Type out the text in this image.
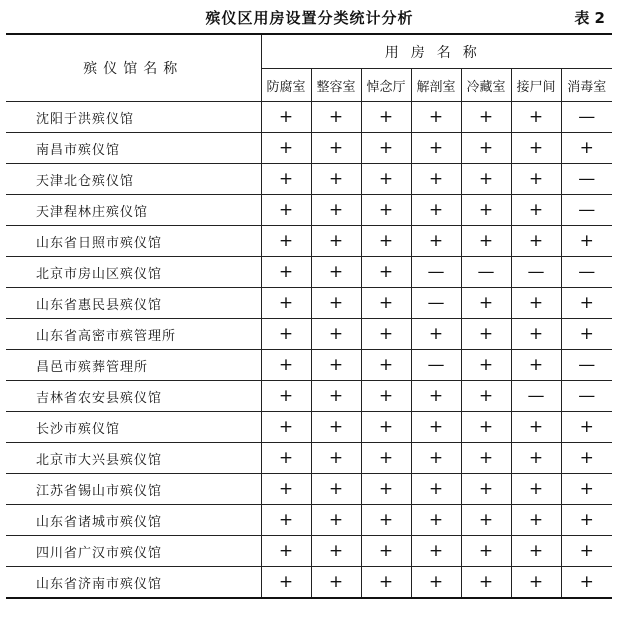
殡仪区用房设置分类统计分析	表 2
殡仪馆名称	用房名称						
	防腐室	整容室	悼念厅	解剖室	冷藏室	接尸间	消毒室
沈阳于洪殡仪馆	+	+	+	+	+	+	—
南昌市殡仪馆	+	+	+	+	+	+	+
天津北仓殡仪馆	+	+	+	+	+	+	—
天津程林庄殡仪馆	+	+	+	+	+	+	—
山东省日照市殡仪馆	+	+	+	+	+	+	+
北京市房山区殡仪馆	+	+	+	—	—	—	—
山东省惠民县殡仪馆	+	+	+	—	+	+	+
山东省高密市殡管理所	+	+	+	+	+	+	+
昌邑市殡葬管理所	+	+	+	—	+	+	—
吉林省农安县殡仪馆	+	+	+	+	+	—	—
长沙市殡仪馆	+	+	+	+	+	+	+
北京市大兴县殡仪馆	+	+	+	+	+	+	+
江苏省锡山市殡仪馆	+	+	+	+	+	+	+
山东省诸城市殡仪馆	+	+	+	+	+	+	+
四川省广汉市殡仪馆	+	+	+	+	+	+	+
山东省济南市殡仪馆	+	+	+	+	+	+	+
